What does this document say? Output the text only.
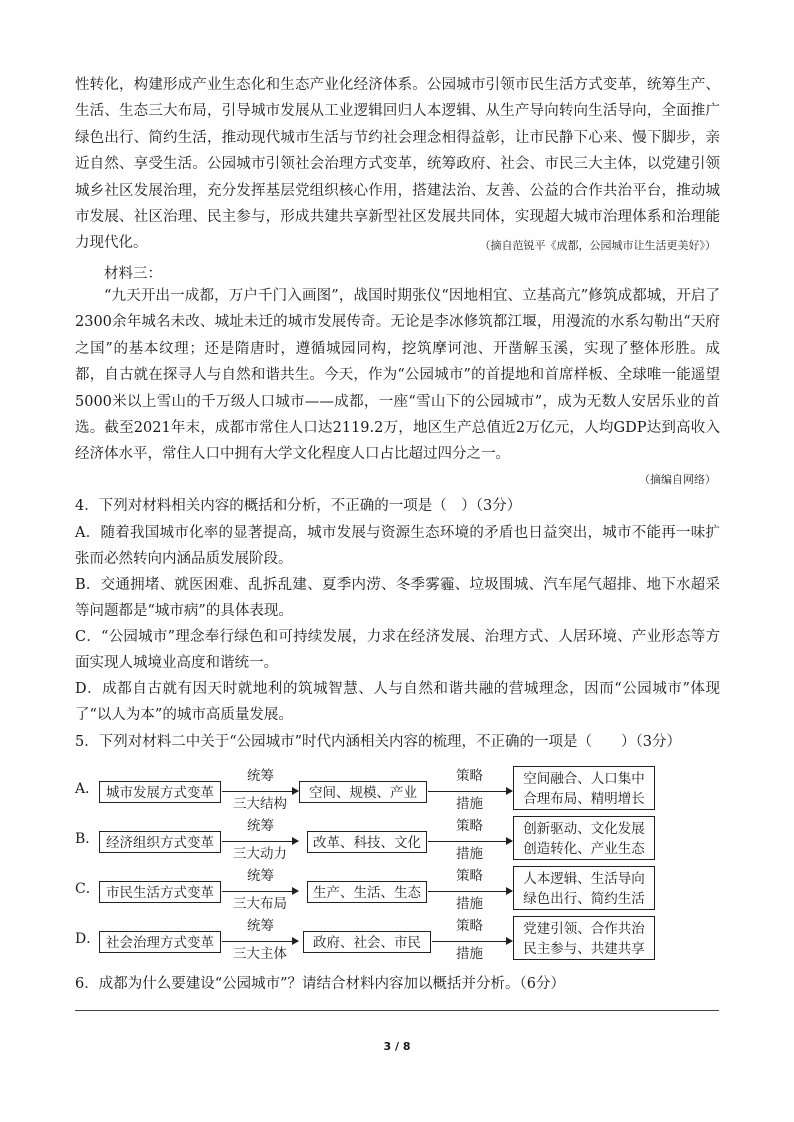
性转化，构建形成产业生态化和生态产业化经济体系。公园城市引领市民生活方式变革，统筹生产、生活、生态三大布局，引导城市发展从工业逻辑回归人本逻辑、从生产导向转向生活导向，全面推广绿色出行、简约生活，推动现代城市生活与节约社会理念相得益彰，让市民静下心来、慢下脚步，亲近自然、享受生活。公园城市引领社会治理方式变革，统筹政府、社会、市民三大主体，以党建引领城乡社区发展治理，充分发挥基层党组织核心作用，搭建法治、友善、公益的合作共治平台，推动城市发展、社区治理、民主参与，形成共建共享新型社区发展共同体，实现超大城市治理体系和治理能力现代化。	（摘自范锐平《成都，公园城市让生活更美好》）
材料三：

“九天开出一成都，万户千门入画图”，战国时期张仪“因地相宜、立基高亢”修筑成都城，开启了2300余年城名未改、城址未迁的城市发展传奇。无论是李冰修筑都江堰，用漫流的水系勾勒出“天府之国”的基本纹理；还是隋唐时，遵循城园同构，挖筑摩诃池、开凿解玉溪，实现了整体形胜。成都，自古就在探寻人与自然和谐共生。今天，作为“公园城市”的首提地和首席样板、全球唯一能遥望5000米以上雪山的千万级人口城市——成都，一座“雪山下的公园城市”，成为无数人安居乐业的首选。截至2021年末，成都市常住人口达2119.2万，地区生产总值近2万亿元，人均GDP达到高收入经济体水平，常住人口中拥有大学文化程度人口占比超过四分之一。

（摘编自网络）
4．下列对材料相关内容的概括和分析，不正确的一项是（　）（3分）

A．随着我国城市化率的显著提高，城市发展与资源生态环境的矛盾也日益突出，城市不能再一味扩张而必然转向内涵品质发展阶段。

B．交通拥堵、就医困难、乱拆乱建、夏季内涝、冬季雾霾、垃圾围城、汽车尾气超排、地下水超采等问题都是“城市病”的具体表现。

C．“公园城市”理念奉行绿色和可持续发展，力求在经济发展、治理方式、人居环境、产业形态等方面实现人城境业高度和谐统一。

D．成都自古就有因天时就地利的筑城智慧、人与自然和谐共融的营城理念，因而“公园城市”体现了“以人为本”的城市高质量发展。

5．下列对材料二中关于“公园城市”时代内涵相关内容的梳理，不正确的一项是（　　）（3分）
A． 城市发展方式变革
统筹
三大结构
空间、规模、产业
策略
措施
空间融合、人口集中
合理布局、精明增长
B． 经济组织方式变革
统筹
三大动力
改革、科技、文化
策略
措施
创新驱动、文化发展
创造转化、产业生态
C． 市民生活方式变革
统筹
三大布局
生产、生活、生态
策略
措施
人本逻辑、生活导向
绿色出行、简约生活
D． 社会治理方式变革
统筹
三大主体
政府、社会、市民
策略
措施
党建引领、合作共治
民主参与、共建共享
6．成都为什么要建设“公园城市”？请结合材料内容加以概括并分析。（6分）
3 / 8
